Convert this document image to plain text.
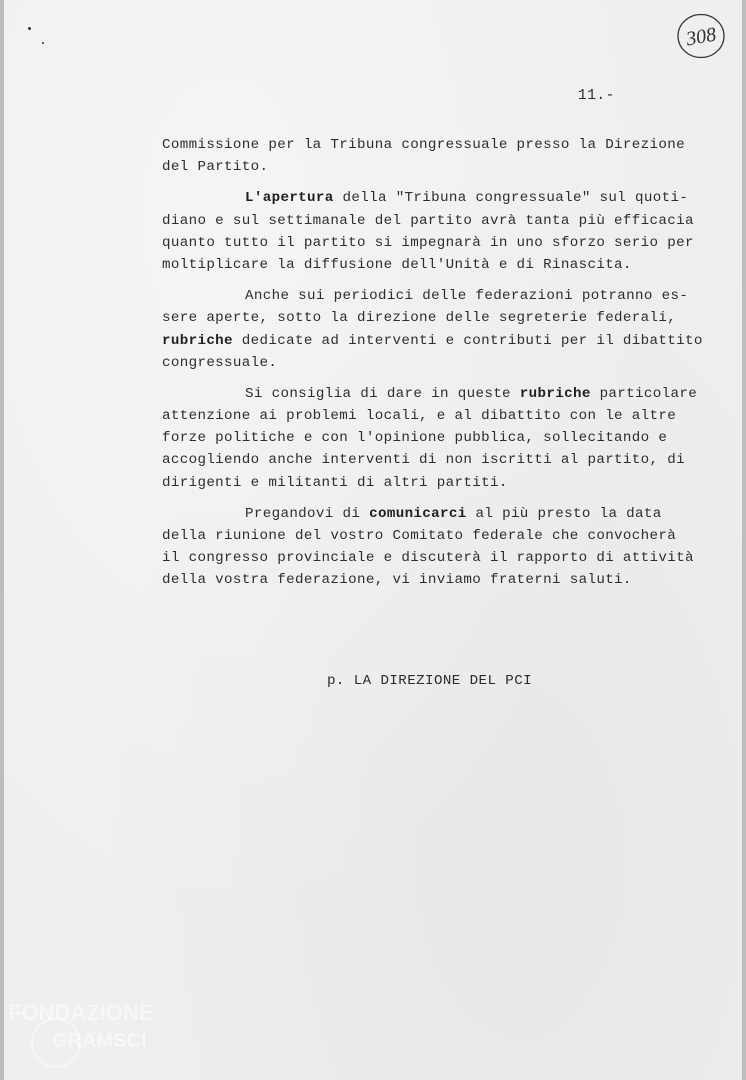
308
11.-
Commissione per la Tribuna congressuale presso la Direzione
del Partito.
L'apertura della "Tribuna congressuale" sul quoti-
diano e sul settimanale del partito avrà tanta più efficacia
quanto tutto il partito si impegnarà in uno sforzo serio per
moltiplicare la diffusione dell'Unità e di Rinascita.
Anche sui periodici delle federazioni potranno es-
sere aperte, sotto la direzione delle segreterie federali,
rubriche dedicate ad interventi e contributi per il dibattito
congressuale.
Si consiglia di dare in queste rubriche particolare
attenzione ai problemi locali, e al dibattito con le altre
forze politiche e con l'opinione pubblica, sollecitando e
accogliendo anche interventi di non iscritti al partito, di
dirigenti e militanti di altri partiti.
Pregandovi di comunicarci al più presto la data
della riunione del vostro Comitato federale che convocherà
il congresso provinciale e discuterà il rapporto di attività
della vostra federazione, vi inviamo fraterni saluti.
p. LA DIREZIONE DEL PCI
FONDAZIONE
GRAMSCI
